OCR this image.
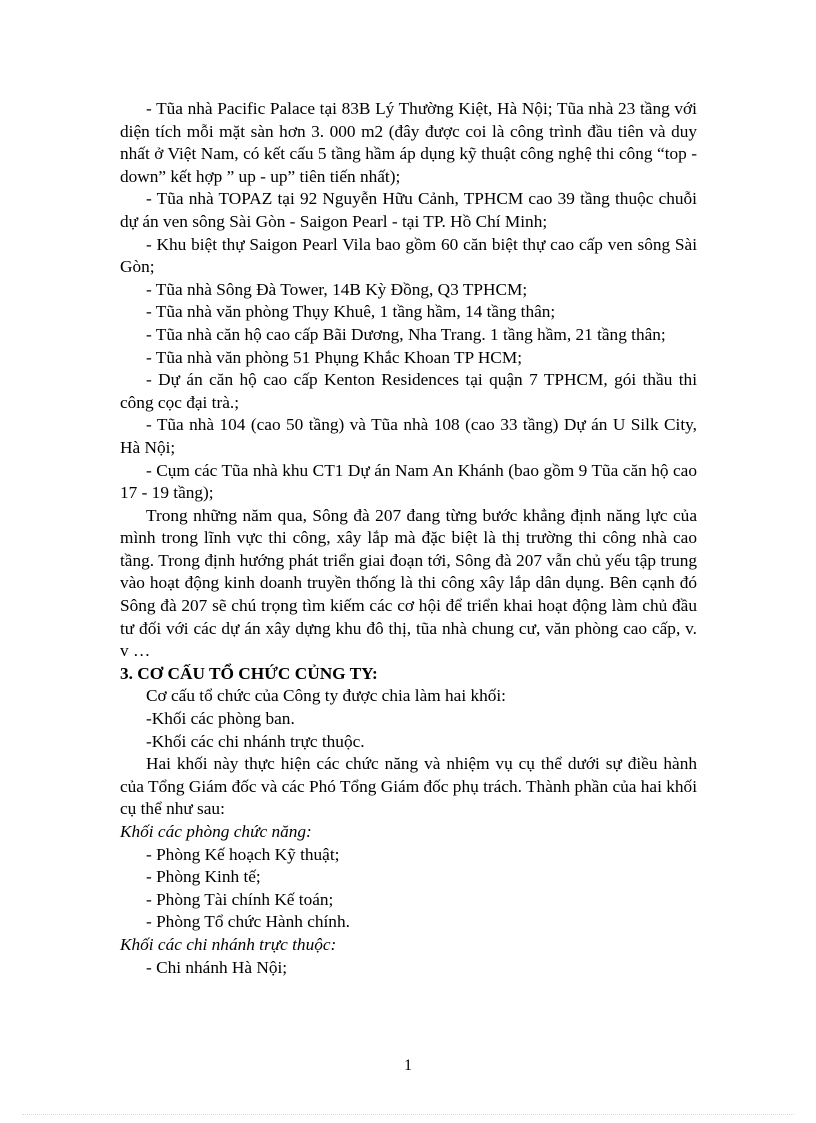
- Tũa nhà Pacific Palace tại 83B Lý Thường Kiệt, Hà Nội; Tũa nhà 23 tầng với diện tích mỗi mặt sàn hơn 3. 000 m2 (đây được coi là công trình đầu tiên và duy nhất ở Việt Nam, có kết cấu 5 tầng hầm áp dụng kỹ thuật công nghệ thi công “top - down” kết hợp ” up - up” tiên tiến nhất);

- Tũa nhà TOPAZ tại 92 Nguyễn Hữu Cảnh, TPHCM cao 39 tầng thuộc chuỗi dự án ven sông Sài Gòn - Saigon Pearl - tại TP. Hồ Chí Minh;

- Khu biệt thự Saigon Pearl Vila bao gồm 60 căn biệt thự cao cấp ven sông Sài Gòn;

- Tũa nhà Sông Đà Tower, 14B Kỳ Đồng, Q3 TPHCM;

- Tũa nhà văn phòng Thụy Khuê, 1 tầng hầm, 14 tầng thân;

- Tũa nhà căn hộ cao cấp Bãi Dương, Nha Trang. 1 tầng hầm, 21 tầng thân;

- Tũa nhà văn phòng 51 Phụng Khắc Khoan TP HCM;

- Dự án căn hộ cao cấp Kenton Residences tại quận 7 TPHCM, gói thầu thi công cọc đại trà.;

- Tũa nhà 104 (cao 50 tầng) và Tũa nhà 108 (cao 33 tầng) Dự án U Silk City, Hà Nội;

- Cụm các Tũa nhà khu CT1 Dự án Nam An Khánh (bao gồm 9 Tũa căn hộ cao 17 - 19 tầng);

Trong những năm qua, Sông đà 207 đang từng bước khẳng định năng lực của mình trong lĩnh vực thi công, xây lắp mà đặc biệt là thị trường thi công nhà cao tầng. Trong định hướng phát triển giai đoạn tới, Sông đà 207 vẫn chủ yếu tập trung vào hoạt động kinh doanh truyền thống là thi công xây lắp dân dụng. Bên cạnh đó Sông đà 207 sẽ chú trọng tìm kiếm các cơ hội để triển khai hoạt động làm chủ đầu tư đối với các dự án xây dựng khu đô thị, tũa nhà chung cư, văn phòng cao cấp, v. v …

3. CƠ CẤU TỔ CHỨC CỦNG TY:

Cơ cấu tổ chức của Công ty được chia làm hai khối:

-Khối các phòng ban.

-Khối các chi nhánh trực thuộc.

Hai khối này thực hiện các chức năng và nhiệm vụ cụ thể dưới sự điều hành của Tổng Giám đốc và các Phó Tổng Giám đốc phụ trách. Thành phần của hai khối cụ thể như sau:

Khối các phòng chức năng:

- Phòng Kế hoạch Kỹ thuật;

- Phòng Kinh tế;

- Phòng Tài chính Kế toán;

- Phòng Tổ chức Hành chính.

Khối các chi nhánh trực thuộc:

- Chi nhánh Hà Nội;

1
